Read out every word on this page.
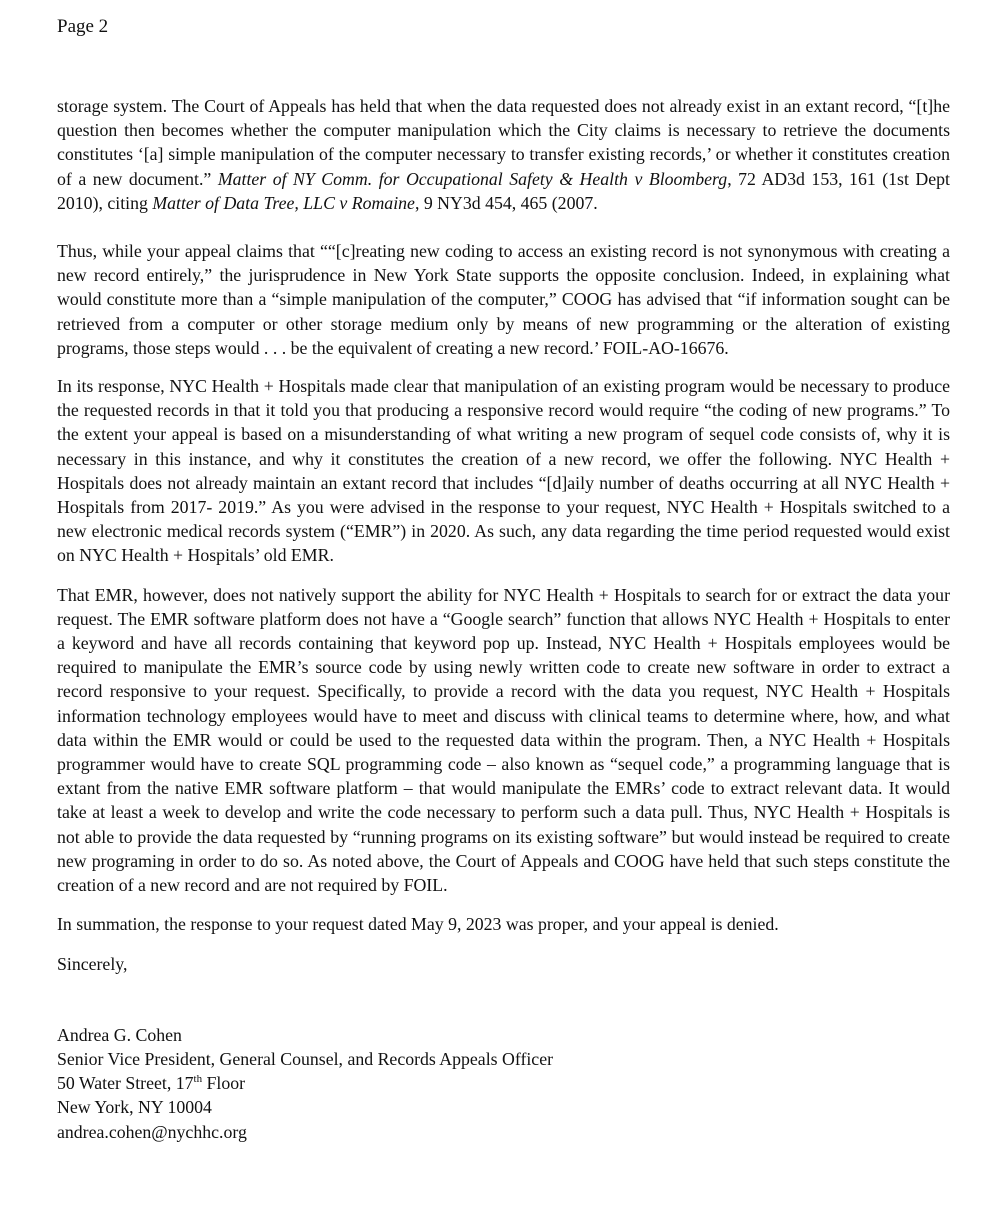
Page 2

storage system. The Court of Appeals has held that when the data requested does not already exist in an extant record, “[t]he question then becomes whether the computer manipulation which the City claims is necessary to retrieve the documents constitutes ‘[a] simple manipulation of the computer necessary to transfer existing records,’ or whether it constitutes creation of a new document.” Matter of NY Comm. for Occupational Safety & Health v Bloomberg, 72 AD3d 153, 161 (1st Dept 2010), citing Matter of Data Tree, LLC v Romaine, 9 NY3d 454, 465 (2007.

Thus, while your appeal claims that ““[c]reating new coding to access an existing record is not synonymous with creating a new record entirely,” the jurisprudence in New York State supports the opposite conclusion. Indeed, in explaining what would constitute more than a “simple manipulation of the computer,” COOG has advised that “if information sought can be retrieved from a computer or other storage medium only by means of new programming or the alteration of existing programs, those steps would . . . be the equivalent of creating a new record.’ FOIL-AO-16676.

In its response, NYC Health + Hospitals made clear that manipulation of an existing program would be necessary to produce the requested records in that it told you that producing a responsive record would require “the coding of new programs.” To the extent your appeal is based on a misunderstanding of what writing a new program of sequel code consists of, why it is necessary in this instance, and why it constitutes the creation of a new record, we offer the following. NYC Health + Hospitals does not already maintain an extant record that includes “[d]aily number of deaths occurring at all NYC Health + Hospitals from 2017- 2019.” As you were advised in the response to your request, NYC Health + Hospitals switched to a new electronic medical records system (“EMR”) in 2020. As such, any data regarding the time period requested would exist on NYC Health + Hospitals’ old EMR.

That EMR, however, does not natively support the ability for NYC Health + Hospitals to search for or extract the data your request. The EMR software platform does not have a “Google search” function that allows NYC Health + Hospitals to enter a keyword and have all records containing that keyword pop up. Instead, NYC Health + Hospitals employees would be required to manipulate the EMR’s source code by using newly written code to create new software in order to extract a record responsive to your request. Specifically, to provide a record with the data you request, NYC Health + Hospitals information technology employees would have to meet and discuss with clinical teams to determine where, how, and what data within the EMR would or could be used to the requested data within the program. Then, a NYC Health + Hospitals programmer would have to create SQL programming code – also known as “sequel code,” a programming language that is extant from the native EMR software platform – that would manipulate the EMRs’ code to extract relevant data. It would take at least a week to develop and write the code necessary to perform such a data pull. Thus, NYC Health + Hospitals is not able to provide the data requested by “running programs on its existing software” but would instead be required to create new programing in order to do so. As noted above, the Court of Appeals and COOG have held that such steps constitute the creation of a new record and are not required by FOIL.

In summation, the response to your request dated May 9, 2023 was proper, and your appeal is denied.

Sincerely,

Andrea G. Cohen
Senior Vice President, General Counsel, and Records Appeals Officer
50 Water Street, 17th Floor
New York, NY 10004
andrea.cohen@nychhc.org
